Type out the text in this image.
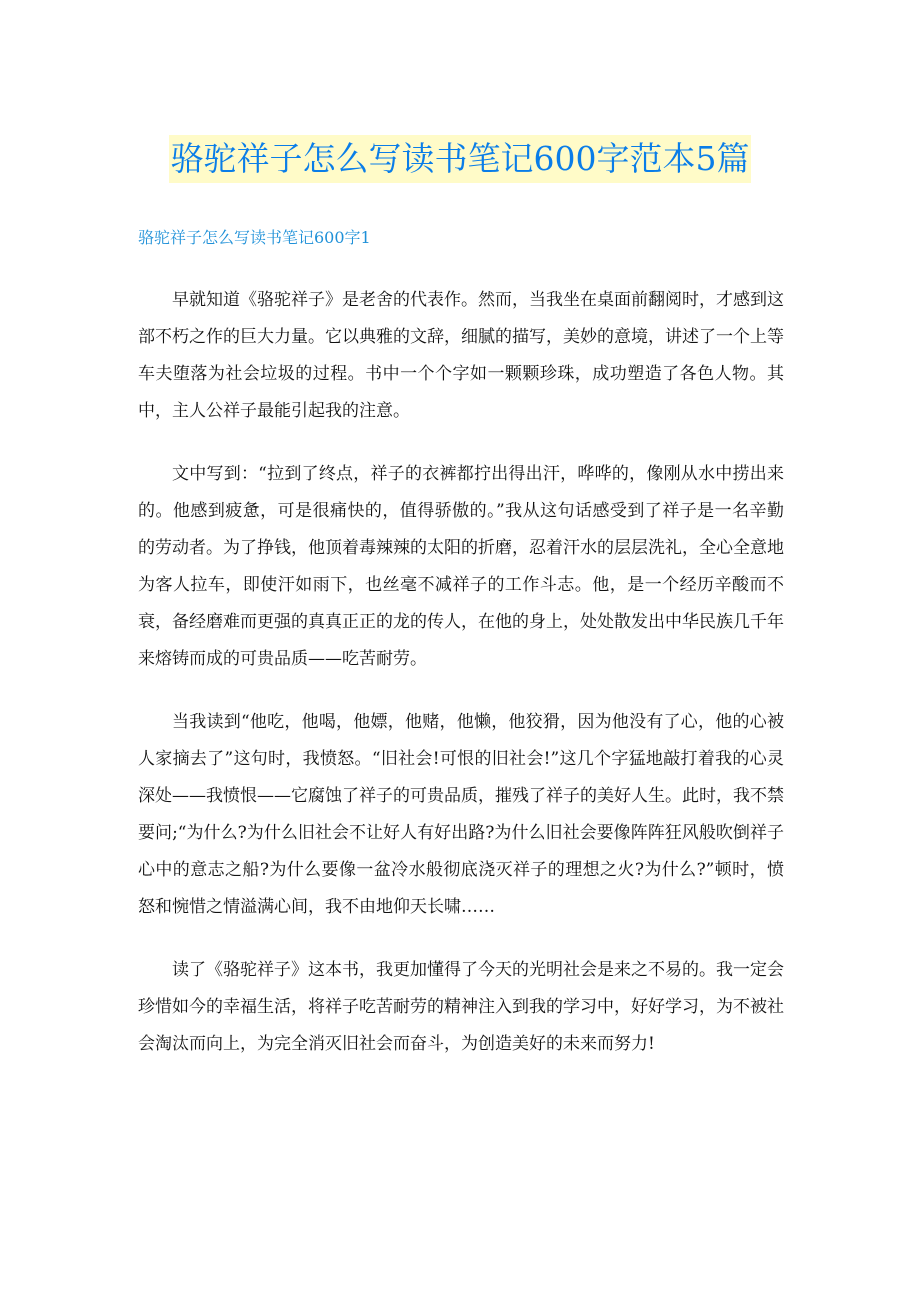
骆驼祥子怎么写读书笔记600字范本5篇
骆驼祥子怎么写读书笔记600字1

早就知道《骆驼祥子》是老舍的代表作。然而，当我坐在桌面前翻阅时，才感到这部不朽之作的巨大力量。它以典雅的文辞，细腻的描写，美妙的意境，讲述了一个上等车夫堕落为社会垃圾的过程。书中一个个字如一颗颗珍珠，成功塑造了各色人物。其中，主人公祥子最能引起我的注意。

文中写到：“拉到了终点，祥子的衣裤都拧出得出汗，哗哗的，像刚从水中捞出来的。他感到疲惫，可是很痛快的，值得骄傲的。”我从这句话感受到了祥子是一名辛勤的劳动者。为了挣钱，他顶着毒辣辣的太阳的折磨，忍着汗水的层层洗礼，全心全意地为客人拉车，即使汗如雨下，也丝毫不减祥子的工作斗志。他，是一个经历辛酸而不衰，备经磨难而更强的真真正正的龙的传人，在他的身上，处处散发出中华民族几千年来熔铸而成的可贵品质——吃苦耐劳。

当我读到“他吃，他喝，他嫖，他赌，他懒，他狡猾，因为他没有了心，他的心被人家摘去了”这句时，我愤怒。“旧社会!可恨的旧社会!”这几个字猛地敲打着我的心灵深处——我愤恨——它腐蚀了祥子的可贵品质，摧残了祥子的美好人生。此时，我不禁要问;“为什么?为什么旧社会不让好人有好出路?为什么旧社会要像阵阵狂风般吹倒祥子心中的意志之船?为什么要像一盆冷水般彻底浇灭祥子的理想之火?为什么?”顿时，愤怒和惋惜之情溢满心间，我不由地仰天长啸……

读了《骆驼祥子》这本书，我更加懂得了今天的光明社会是来之不易的。我一定会珍惜如今的幸福生活，将祥子吃苦耐劳的精神注入到我的学习中，好好学习，为不被社会淘汰而向上，为完全消灭旧社会而奋斗，为创造美好的未来而努力!
